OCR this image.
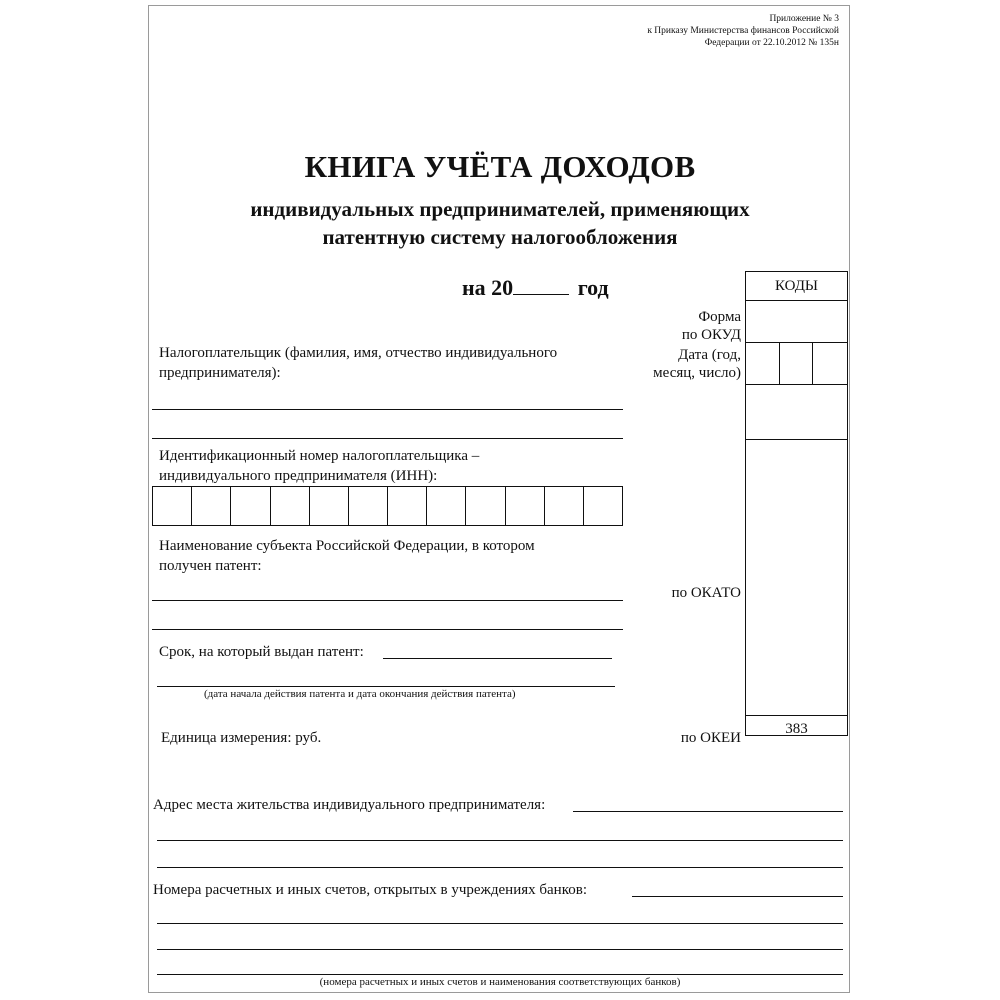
Приложение № 3
к Приказу Министерства финансов Российской
Федерации от 22.10.2012 № 135н
КНИГА УЧЁТА ДОХОДОВ
индивидуальных предпринимателей, применяющих
патентную систему налогообложения
на 20	год
Налогоплательщик (фамилия, имя, отчество индивидуального
предпринимателя):
Идентификационный номер налогоплательщика –
индивидуального предпринимателя (ИНН):
Наименование субъекта Российской Федерации, в котором
получен патент:
Срок, на который выдан патент:
(дата начала действия патента и дата окончания действия патента)
Единица измерения: руб.
Форма
по ОКУД
Дата (год,
месяц, число)
по ОКАТО
по ОКЕИ
КОДЫ
383
Адрес места жительства индивидуального предпринимателя:
Номера расчетных и иных счетов, открытых в учреждениях банков:
(номера расчетных и иных счетов и наименования соответствующих банков)
